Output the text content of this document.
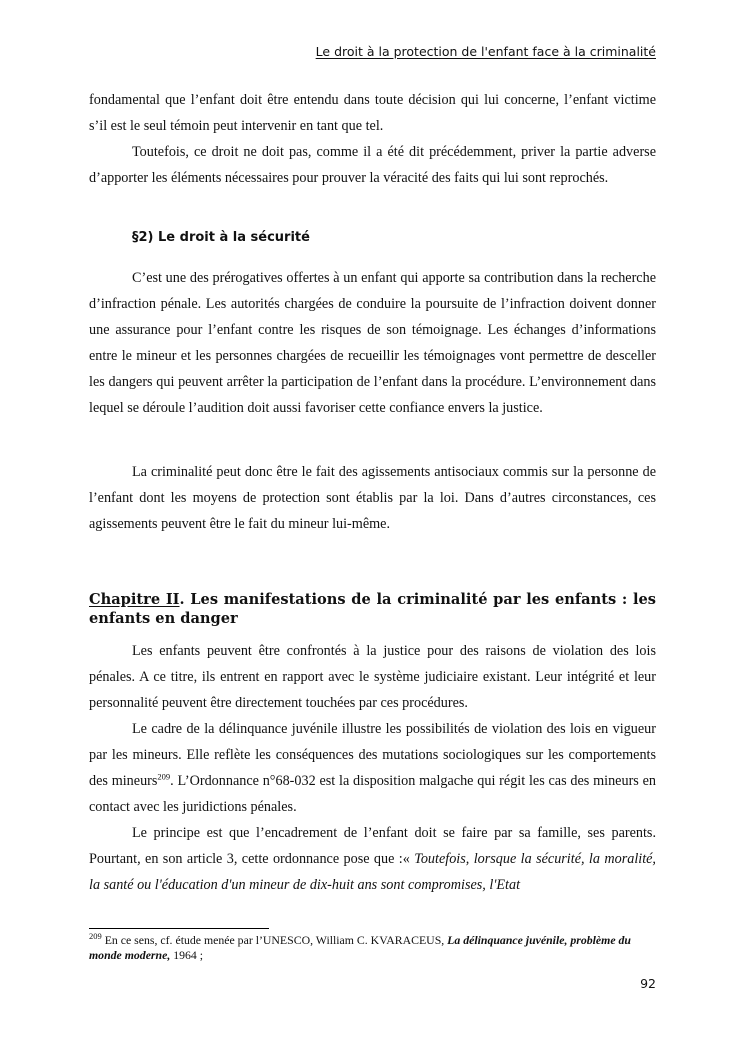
Le droit à la protection de l'enfant face à la criminalité

fondamental que l’enfant doit être entendu dans toute décision qui lui concerne, l’enfant victime s’il est le seul témoin peut intervenir en tant que tel.

Toutefois, ce droit ne doit pas, comme il a été dit précédemment, priver la partie adverse d’apporter les éléments nécessaires pour prouver la véracité des faits qui lui sont reprochés.

§2) Le droit à la sécurité

C’est une des prérogatives offertes à un enfant qui apporte sa contribution dans la recherche d’infraction pénale. Les autorités chargées de conduire la poursuite de l’infraction doivent donner une assurance pour l’enfant contre les risques de son témoignage. Les échanges d’informations entre le mineur et les personnes chargées de recueillir les témoignages vont permettre de desceller les dangers qui peuvent arrêter la participation de l’enfant dans la procédure. L’environnement dans lequel se déroule l’audition doit aussi favoriser cette confiance envers la justice.

La criminalité peut donc être le fait des agissements antisociaux commis sur la personne de l’enfant dont les moyens de protection sont établis par la loi. Dans d’autres circonstances, ces agissements peuvent être le fait du mineur lui-même.

Chapitre II. Les manifestations de la criminalité par les enfants : les enfants en danger

Les enfants peuvent être confrontés à la justice pour des raisons de violation des lois pénales. A ce titre, ils entrent en rapport avec le système judiciaire existant. Leur intégrité et leur personnalité peuvent être directement touchées par ces procédures.

Le cadre de la délinquance juvénile illustre les possibilités de violation des lois en vigueur par les mineurs. Elle reflète les conséquences des mutations sociologiques sur les comportements des mineurs$^{209}$. L’Ordonnance n°68-032 est la disposition malgache qui régit les cas des mineurs en contact avec les juridictions pénales.

Le principe est que l’encadrement de l’enfant doit se faire par sa famille, ses parents. Pourtant, en son article 3, cette ordonnance pose que :« Toutefois, lorsque la sécurité, la moralité, la santé ou l'éducation d'un mineur de dix-huit ans sont compromises, l'Etat

$^{209}$ En ce sens, cf. étude menée par l’UNESCO, William C. KVARACEUS, La délinquance juvénile, problème du monde moderne, 1964 ;

92
